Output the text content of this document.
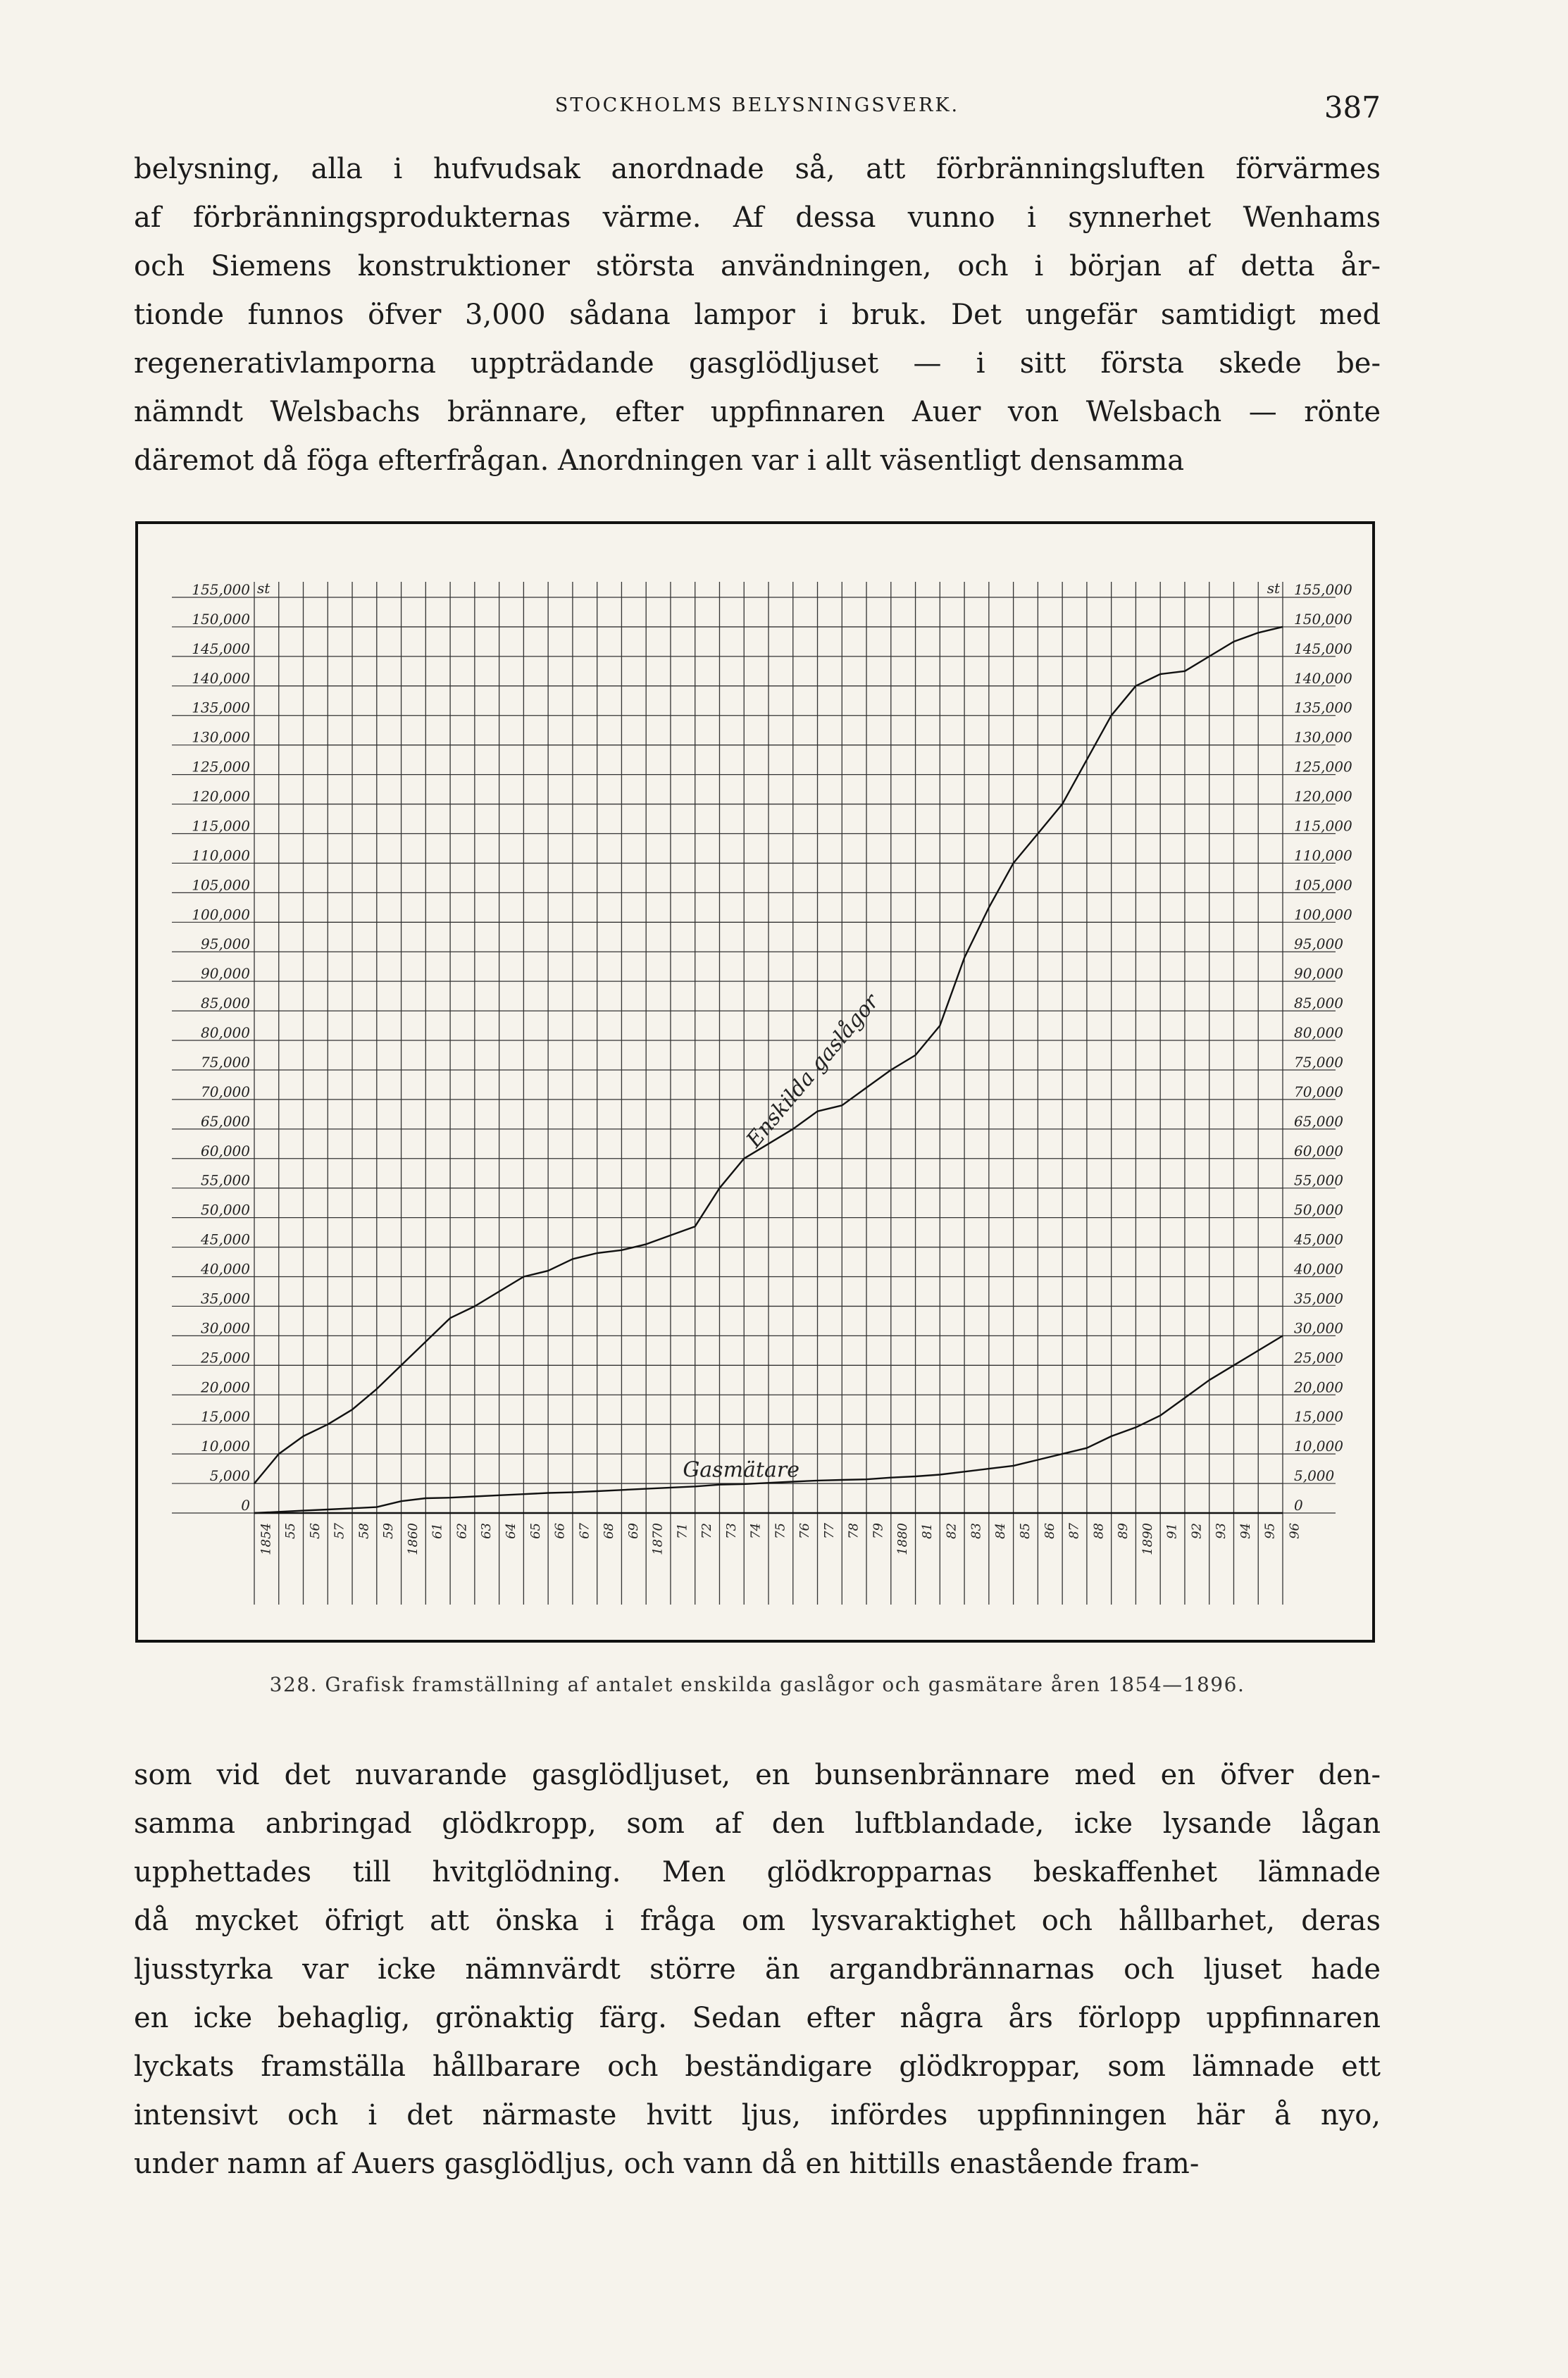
STOCKHOLMS BELYSNINGSVERK.	387
belysning, alla i hufvudsak anordnade så, att förbränningsluften förvärmes
af förbränningsprodukternas värme. Af dessa vunno i synnerhet Wenhams
och Siemens konstruktioner största användningen, och i början af detta år-
tionde funnos öfver 3,000 sådana lampor i bruk. Det ungefär samtidigt med
regenerativlamporna uppträdande gasglödljuset — i sitt första skede be-
nämndt Welsbachs brännare, efter uppfinnaren Auer von Welsbach — rönte
däremot då föga efterfrågan. Anordningen var i allt väsentligt densamma
155,000
150,000
145,000
140,000
135,000
130,000
125,000
120,000
115,000
110,000
105,000
100,000
95,000
90,000
85,000
80,000
75,000
70,000
65,000
60,000
55,000
50,000
45,000
40,000
35,000
30,000
25,000
20,000
15,000
10,000
5,000
0
st	155,000
150,000
145,000
140,000
135,000
130,000
125,000
120,000
115,000
110,000
105,000
100,000
95,000
90,000
85,000
80,000
75,000
70,000
65,000
60,000
55,000
50,000
45,000
40,000
35,000
30,000
25,000
20,000
15,000
10,000
5,000
0
st
1854 55 56 57 58 59 1860 61 62 63 64 65 66 67 68 69 1870 71 72 73 74 75 76 77 78 79 1880 81 82 83 84 85 86 87 88 89 1890 91 92 93 94 95 96
Enskilda gaslågor
Gasmätare
328. Grafisk framställning af antalet enskilda gaslågor och gasmätare åren 1854—1896.
som vid det nuvarande gasglödljuset, en bunsenbrännare med en öfver den-
samma anbringad glödkropp, som af den luftblandade, icke lysande lågan
upphettades till hvitglödning. Men glödkropparnas beskaffenhet lämnade
då mycket öfrigt att önska i fråga om lysvaraktighet och hållbarhet, deras
ljusstyrka var icke nämnvärdt större än argandbrännarnas och ljuset hade
en icke behaglig, grönaktig färg. Sedan efter några års förlopp uppfinnaren
lyckats framställa hållbarare och beständigare glödkroppar, som lämnade ett
intensivt och i det närmaste hvitt ljus, infördes uppfinningen här å nyo,
under namn af Auers gasglödljus, och vann då en hittills enastående fram-
